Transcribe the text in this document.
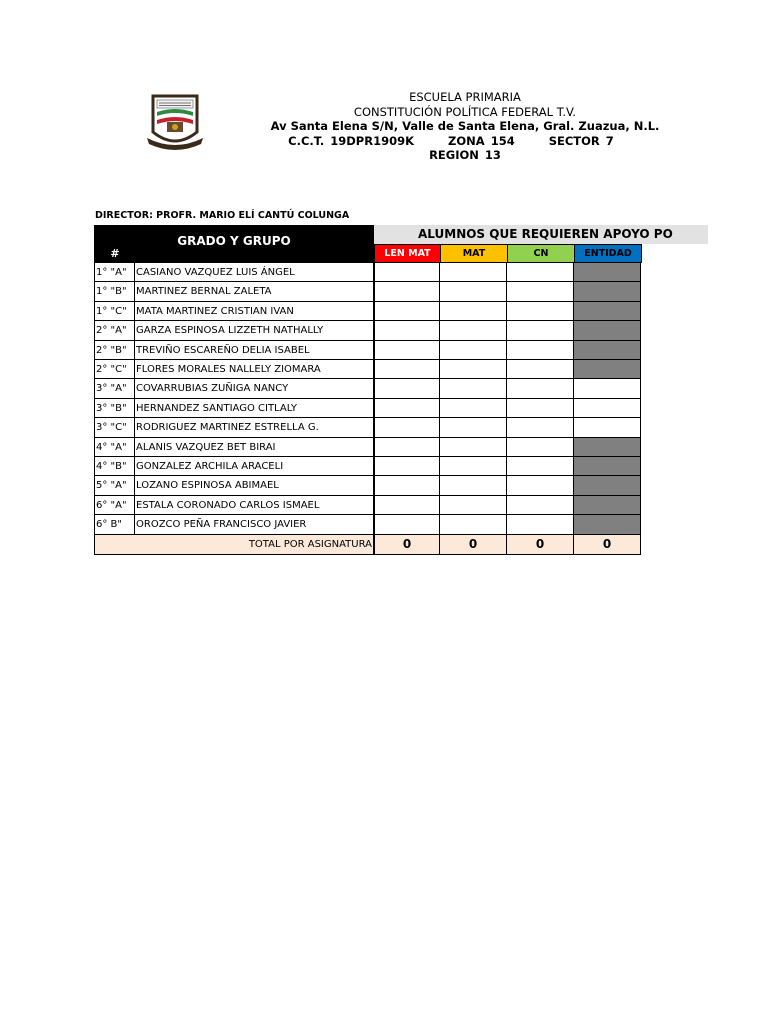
ESCUELA PRIMARIA
CONSTITUCIÓN POLÍTICA FEDERAL T.V.
Av Santa Elena S/N, Valle de Santa Elena, Gral. Zuazua, N.L.
C.C.T. 19DPR1909K	ZONA 154	SECTOR 7  REGION 13
DIRECTOR: PROFR. MARIO ELÍ CANTÚ COLUNGA
GRADO Y GRUPO
#
ALUMNOS QUE REQUIEREN APOYO PO
LEN MAT	MAT	CN	ENTIDAD
1° "A" CASIANO VAZQUEZ LUIS ÁNGEL
1° "B" MARTINEZ BERNAL ZALETA
1° "C" MATA MARTINEZ CRISTIAN IVAN
2° "A" GARZA ESPINOSA LIZZETH NATHALLY
2° "B" TREVIÑO ESCAREÑO DELIA ISABEL
2° "C" FLORES MORALES NALLELY ZIOMARA
3° "A" COVARRUBIAS ZUÑIGA NANCY
3° "B" HERNANDEZ SANTIAGO CITLALY
3° "C" RODRIGUEZ MARTINEZ ESTRELLA G.
4° "A" ALANIS VAZQUEZ BET BIRAI
4° "B" GONZALEZ ARCHILA ARACELI
5° "A" LOZANO ESPINOSA ABIMAEL
6° "A" ESTALA CORONADO CARLOS ISMAEL
6° B"	OROZCO PEÑA FRANCISCO JAVIER
TOTAL POR ASIGNATURA	0	0	0	0
